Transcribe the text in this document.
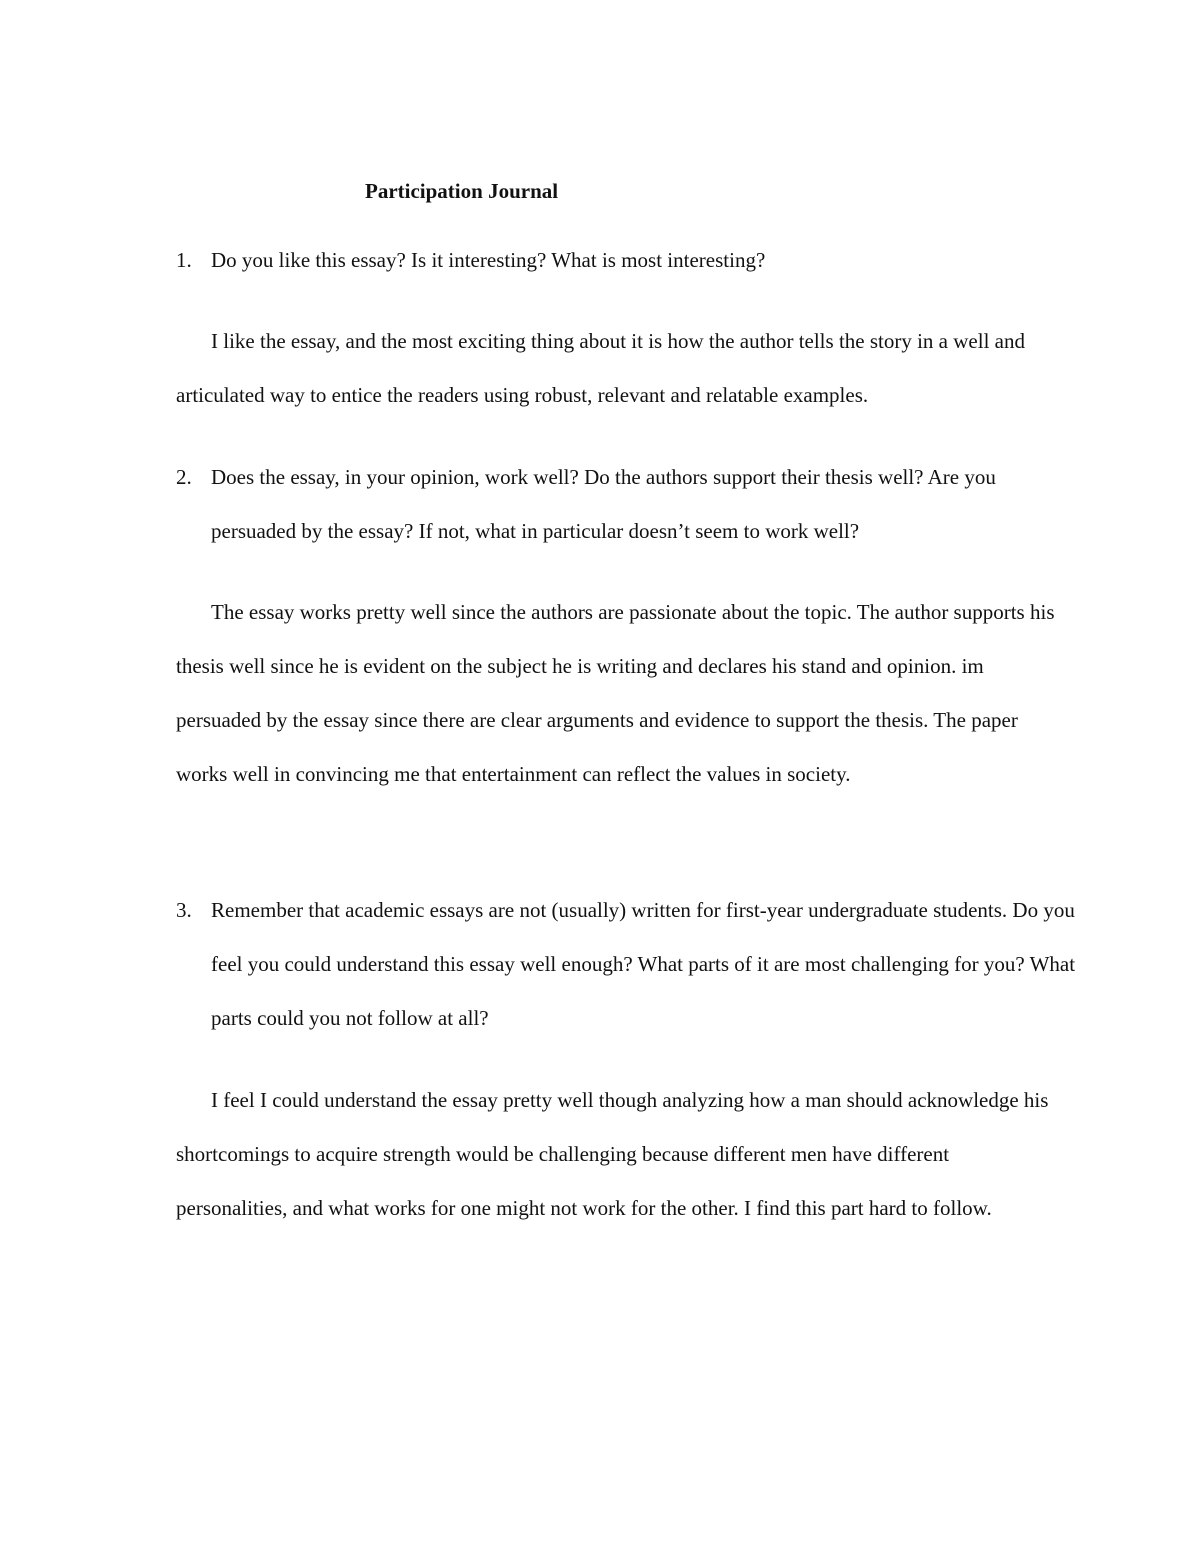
Participation Journal
1. Do you like this essay? Is it interesting? What is most interesting?
I like the essay, and the most exciting thing about it is how the author tells the story in a well and articulated way to entice the readers using robust, relevant and relatable examples.
2. Does the essay, in your opinion, work well? Do the authors support their thesis well? Are you persuaded by the essay? If not, what in particular doesn’t seem to work well?
The essay works pretty well since the authors are passionate about the topic. The author supports his thesis well since he is evident on the subject he is writing and declares his stand and opinion. im persuaded by the essay since there are clear arguments and evidence to support the thesis. The paper works well in convincing me that entertainment can reflect the values in society.
3. Remember that academic essays are not (usually) written for first-year undergraduate students. Do you feel you could understand this essay well enough? What parts of it are most challenging for you? What parts could you not follow at all?
I feel I could understand the essay pretty well though analyzing how a man should acknowledge his shortcomings to acquire strength would be challenging because different men have different personalities, and what works for one might not work for the other. I find this part hard to follow.
